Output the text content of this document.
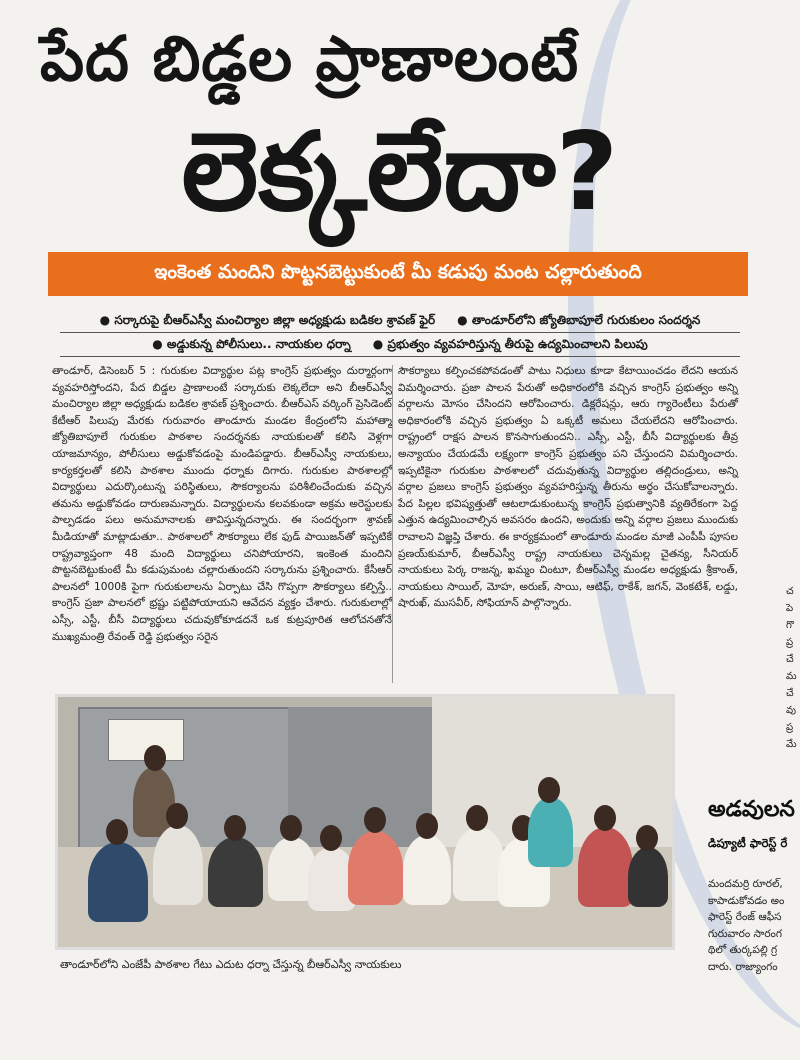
పేద బిడ్డల ప్రాణాలంటే
లెక్కలేదా?
ఇంకెంత మందిని పొట్టనబెట్టుకుంటే మీ కడుపు మంట చల్లారుతుంది
● సర్కారుపై బీఆర్ఎస్వీ మంచిర్యాల జిల్లా అధ్యక్షుడు బడికల శ్రావణ్ ఫైర్	● తాండూర్‌లోని జ్యోతిబాపూలే గురుకులం సందర్శన
● అడ్డుకున్న పోలీసులు.. నాయకుల ధర్నా	● ప్రభుత్వం వ్యవహరిస్తున్న తీరుపై ఉద్యమించాలని పిలుపు
తాండూర్, డిసెంబర్ 5 : గురుకుల విద్యార్థుల పట్ల కాంగ్రెస్ ప్రభుత్వం దుర్మార్గంగా వ్యవహరిస్తోందని, పేద బిడ్డల ప్రాణాలంటే సర్కారుకు లెక్కలేదా అని బీఆర్ఎస్వీ మంచిర్యాల జిల్లా అధ్యక్షుడు బడికల శ్రావణ్ ప్రశ్నించారు. బీఆర్ఎస్ వర్కింగ్ ప్రెసిడెంట్ కేటీఆర్ పిలుపు మేరకు గురువారం తాండూరు మండల కేంద్రంలోని మహాత్మా జ్యోతిబాపూలే గురుకుల పాఠశాల సందర్శనకు నాయకులతో కలిసి వెళ్లగా యాజమాన్యం, పోలీసులు అడ్డుకోవడంపై మండిపడ్డారు. బీఆర్ఎస్వీ నాయకులు, కార్యకర్తలతో కలిసి పాఠశాల ముందు ధర్నాకు దిగారు. గురుకుల పాఠశాలల్లో విద్యార్థులు ఎదుర్కొంటున్న పరిస్థితులు, సౌకర్యాలను పరిశీలించేందుకు వచ్చిన తమను అడ్డుకోవడం దారుణమన్నారు. విద్యార్థులను కలవకుండా అక్రమ అరెస్టులకు పాల్పడడం పలు అనుమానాలకు తావిస్తున్నదన్నారు. ఈ సందర్భంగా శ్రావణ్ మీడియాతో మాట్లాడుతూ.. పాఠశాలలో సౌకర్యాలు లేక ఫుడ్ పాయిజన్‌తో ఇప్పటికే రాష్ట్రవ్యాప్తంగా 48 మంది విద్యార్థులు చనిపోయారని, ఇంకెంత మందిని పొట్టనబెట్టుకుంటే మీ కడుపుమంట చల్లారుతుందని సర్కారును ప్రశ్నించారు. కేసీఆర్ పాలనలో 1000కి పైగా గురుకులాలను ఏర్పాటు చేసి గొప్పగా సౌకర్యాలు కల్పిస్తే.. కాంగ్రెస్ ప్రజా పాలనలో భ్రష్టు పట్టిపోయాయని ఆవేదన వ్యక్తం చేశారు. గురుకులాల్లో ఎస్సీ, ఎస్టీ, బీసీ విద్యార్థులు చదువుకోకూడదనే ఒక కుట్రపూరిత ఆలోచనతోనే ముఖ్యమంత్రి రేవంత్ రెడ్డి ప్రభుత్వం సరైన
సౌకర్యాలు కల్పించకపోవడంతో పాటు నిధులు కూడా కేటాయించడం లేదని ఆయన విమర్శించారు. ప్రజా పాలన పేరుతో అధికారంలోకి వచ్చిన కాంగ్రెస్ ప్రభుత్వం అన్ని వర్గాలను మోసం చేసిందని ఆరోపించారు. డిక్లరేషన్లు, ఆరు గ్యారెంటీలు పేరుతో అధికారంలోకి వచ్చిన ప్రభుత్వం ఏ ఒక్కటీ అమలు చేయలేదని ఆరోపించారు. రాష్ట్రంలో రాక్షస పాలన కొనసాగుతుందని.. ఎస్సీ, ఎస్టీ, బీసీ విద్యార్థులకు తీవ్ర అన్యాయం చేయడమే లక్ష్యంగా కాంగ్రెస్ ప్రభుత్వం పని చేస్తుందని విమర్శించారు. ఇప్పటికైనా గురుకుల పాఠశాలలో చదువుతున్న విద్యార్థుల తల్లిదండ్రులు, అన్ని వర్గాల ప్రజలు కాంగ్రెస్ ప్రభుత్వం వ్యవహరిస్తున్న తీరును అర్థం చేసుకోవాలన్నారు. పేద పిల్లల భవిష్యత్తుతో ఆటలాడుకుంటున్న కాంగ్రెస్ ప్రభుత్వానికి వ్యతిరేకంగా పెద్ద ఎత్తున ఉద్యమించాల్సిన అవసరం ఉందని, అందుకు అన్ని వర్గాల ప్రజలు ముందుకు రావాలని విజ్ఞప్తి చేశారు. ఈ కార్యక్రమంలో తాండూరు మండల మాజీ ఎంపీపీ పూసల ప్రణయ్‌కుమార్, బీఆర్ఎస్వీ రాష్ట్ర నాయకులు చెన్నమల్ల చైతన్య, సీనియర్ నాయకులు పెర్క రాజన్న, ఖమ్మం చింటూ, బీఆర్ఎస్వీ మండల అధ్యక్షుడు శ్రీకాంత్, నాయకులు సాయిల్, మోహ, అరుణ్, సాయి, ఆటిఫ్, రాకేశ్, జగన్, వెంకటేశ్, లడ్డు, షారుఖ్, ముసవీర్, సోఫియాన్ పాల్గొన్నారు.
తాండూర్‌లోని ఎంజేపీ పాఠశాల గేటు ఎదుట ధర్నా చేస్తున్న బీఆర్ఎస్వీ నాయకులు
అడవులన
డిప్యూటీ ఫారెస్ట్ రే
మందమర్రి రూరల్,
కాపాడుకోవడం అం
ఫారెస్ట్ రేంజ్ ఆఫీస
గురువారం సారంగ
థిలో తుర్కపల్లి గ్ర
దారు. రాజ్యాంగం
చ
పె
గొ
ప్ర
చే
మ
చే
వు
ప్ర
మే
